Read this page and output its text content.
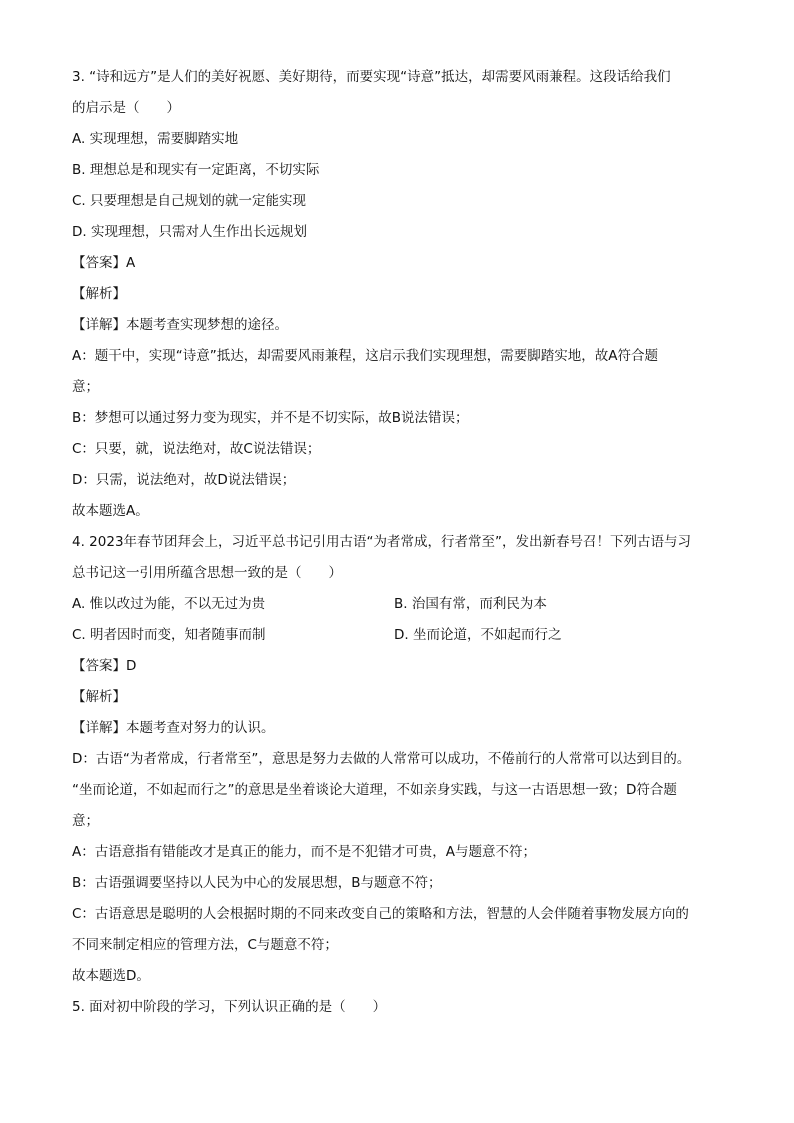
3. “诗和远方”是人们的美好祝愿、美好期待，而要实现“诗意”抵达，却需要风雨兼程。这段话给我们
的启示是（　　）
A. 实现理想，需要脚踏实地
B. 理想总是和现实有一定距离，不切实际
C. 只要理想是自己规划的就一定能实现
D. 实现理想，只需对人生作出长远规划
【答案】A
【解析】
【详解】本题考查实现梦想的途径。
A：题干中，实现“诗意”抵达，却需要风雨兼程，这启示我们实现理想，需要脚踏实地，故A符合题
意；
B：梦想可以通过努力变为现实，并不是不切实际，故B说法错误；
C：只要，就，说法绝对，故C说法错误；
D：只需，说法绝对，故D说法错误；
故本题选A。
4. 2023年春节团拜会上，习近平总书记引用古语“为者常成，行者常至”，发出新春号召！下列古语与习
总书记这一引用所蕴含思想一致的是（　　）
A. 惟以改过为能，不以无过为贵	B. 治国有常，而利民为本
C. 明者因时而变，知者随事而制	D. 坐而论道，不如起而行之
【答案】D
【解析】
【详解】本题考查对努力的认识。
D：古语“为者常成，行者常至”，意思是努力去做的人常常可以成功，不倦前行的人常常可以达到目的。
“坐而论道，不如起而行之”的意思是坐着谈论大道理，不如亲身实践，与这一古语思想一致；D符合题
意；
A：古语意指有错能改才是真正的能力，而不是不犯错才可贵，A与题意不符；
B：古语强调要坚持以人民为中心的发展思想，B与题意不符；
C：古语意思是聪明的人会根据时期的不同来改变自己的策略和方法，智慧的人会伴随着事物发展方向的
不同来制定相应的管理方法，C与题意不符；
故本题选D。
5. 面对初中阶段的学习，下列认识正确的是（　　）
